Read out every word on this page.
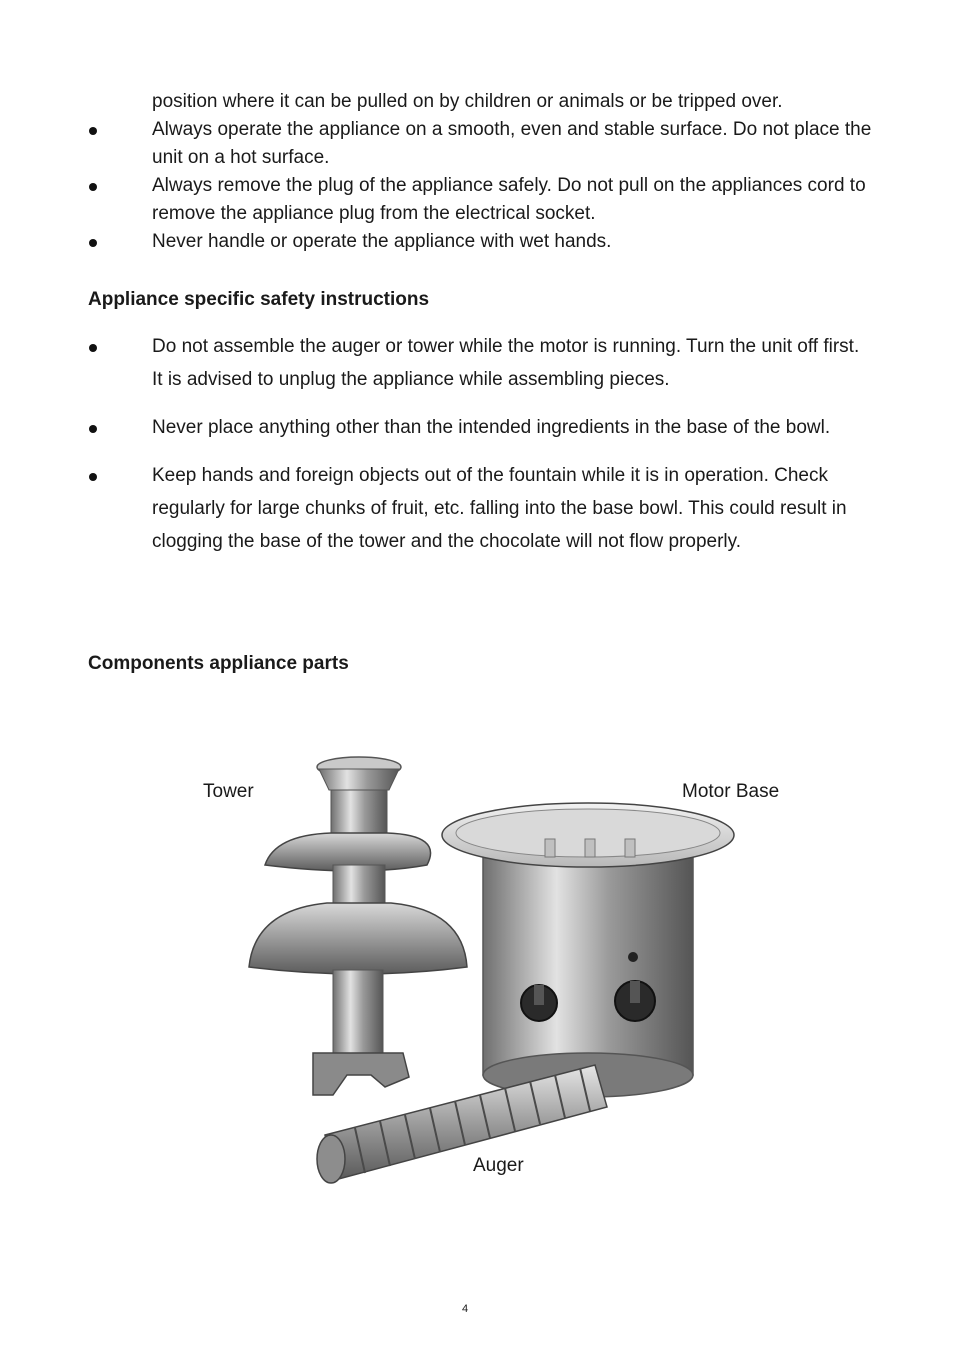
position where it can be pulled on by children or animals or be tripped over.
Always operate the appliance on a smooth, even and stable surface. Do not place the unit on a hot surface.
Always remove the plug of the appliance safely. Do not pull on the appliances cord to remove the appliance plug from the electrical socket.
Never handle or operate the appliance with wet hands.
Appliance specific safety instructions
Do not assemble the auger or tower while the motor is running. Turn the unit off first. It is advised to unplug the appliance while assembling pieces.
Never place anything other than the intended ingredients in the base of the bowl.
Keep hands and foreign objects out of the fountain while it is in operation. Check regularly for large chunks of fruit, etc. falling into the base bowl. This could result in clogging the base of the tower and the chocolate will not flow properly.
Components appliance parts
Tower	Motor Base
Auger
4
